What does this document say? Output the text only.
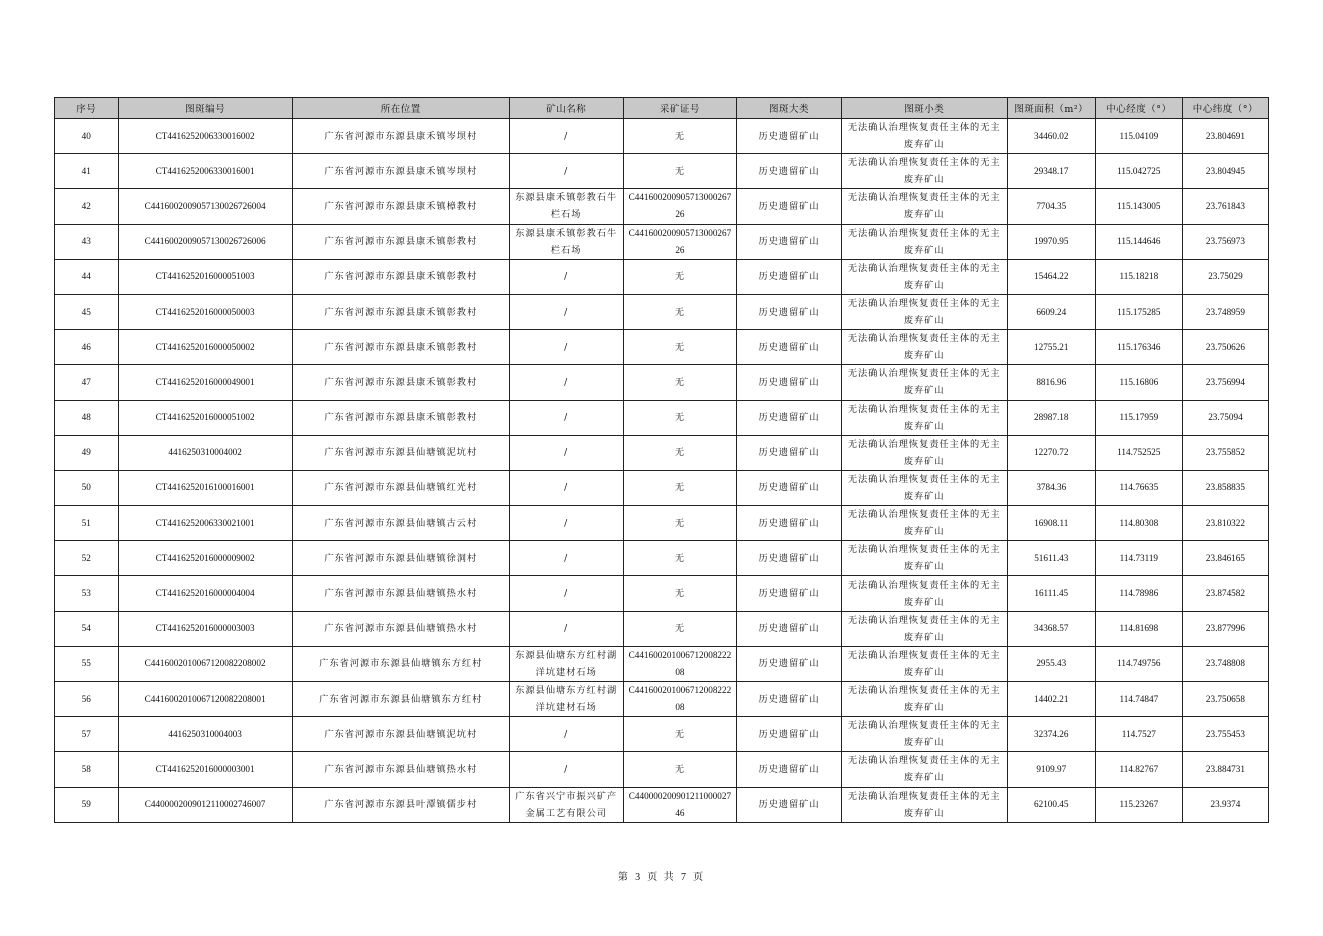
序号	图斑编号	所在位置	矿山名称	采矿证号	图斑大类	图斑小类	图斑面积（m²）	中心经度（°）	中心纬度（°）
40	CT4416252006330016002	广东省河源市东源县康禾镇岑坝村	/	无	历史遗留矿山	无法确认治理恢复责任主体的无主废弃矿山	34460.02	115.04109	23.804691
41	CT4416252006330016001	广东省河源市东源县康禾镇岑坝村	/	无	历史遗留矿山	无法确认治理恢复责任主体的无主废弃矿山	29348.17	115.042725	23.804945
42	C4416002009057130026726004	广东省河源市东源县康禾镇樟教村	东源县康禾镇彰教石牛栏石场	C44160020090571300026726	历史遗留矿山	无法确认治理恢复责任主体的无主废弃矿山	7704.35	115.143005	23.761843
43	C4416002009057130026726006	广东省河源市东源县康禾镇彰教村	东源县康禾镇彰教石牛栏石场	C44160020090571300026726	历史遗留矿山	无法确认治理恢复责任主体的无主废弃矿山	19970.95	115.144646	23.756973
44	CT4416252016000051003	广东省河源市东源县康禾镇彰教村	/	无	历史遗留矿山	无法确认治理恢复责任主体的无主废弃矿山	15464.22	115.18218	23.75029
45	CT4416252016000050003	广东省河源市东源县康禾镇彰教村	/	无	历史遗留矿山	无法确认治理恢复责任主体的无主废弃矿山	6609.24	115.175285	23.748959
46	CT4416252016000050002	广东省河源市东源县康禾镇彰教村	/	无	历史遗留矿山	无法确认治理恢复责任主体的无主废弃矿山	12755.21	115.176346	23.750626
47	CT4416252016000049001	广东省河源市东源县康禾镇彰教村	/	无	历史遗留矿山	无法确认治理恢复责任主体的无主废弃矿山	8816.96	115.16806	23.756994
48	CT4416252016000051002	广东省河源市东源县康禾镇彰教村	/	无	历史遗留矿山	无法确认治理恢复责任主体的无主废弃矿山	28987.18	115.17959	23.75094
49	4416250310004002	广东省河源市东源县仙塘镇泥坑村	/	无	历史遗留矿山	无法确认治理恢复责任主体的无主废弃矿山	12270.72	114.752525	23.755852
50	CT4416252016100016001	广东省河源市东源县仙塘镇红光村	/	无	历史遗留矿山	无法确认治理恢复责任主体的无主废弃矿山	3784.36	114.76635	23.858835
51	CT4416252006330021001	广东省河源市东源县仙塘镇古云村	/	无	历史遗留矿山	无法确认治理恢复责任主体的无主废弃矿山	16908.11	114.80308	23.810322
52	CT4416252016000009002	广东省河源市东源县仙塘镇徐洞村	/	无	历史遗留矿山	无法确认治理恢复责任主体的无主废弃矿山	51611.43	114.73119	23.846165
53	CT4416252016000004004	广东省河源市东源县仙塘镇热水村	/	无	历史遗留矿山	无法确认治理恢复责任主体的无主废弃矿山	16111.45	114.78986	23.874582
54	CT4416252016000003003	广东省河源市东源县仙塘镇热水村	/	无	历史遗留矿山	无法确认治理恢复责任主体的无主废弃矿山	34368.57	114.81698	23.877996
55	C4416002010067120082208002	广东省河源市东源县仙塘镇东方红村	东源县仙塘东方红村湖洋坑建材石场	C44160020100671200822208	历史遗留矿山	无法确认治理恢复责任主体的无主废弃矿山	2955.43	114.749756	23.748808
56	C4416002010067120082208001	广东省河源市东源县仙塘镇东方红村	东源县仙塘东方红村湖洋坑建材石场	C44160020100671200822208	历史遗留矿山	无法确认治理恢复责任主体的无主废弃矿山	14402.21	114.74847	23.750658
57	4416250310004003	广东省河源市东源县仙塘镇泥坑村	/	无	历史遗留矿山	无法确认治理恢复责任主体的无主废弃矿山	32374.26	114.7527	23.755453
58	CT4416252016000003001	广东省河源市东源县仙塘镇热水村	/	无	历史遗留矿山	无法确认治理恢复责任主体的无主废弃矿山	9109.97	114.82767	23.884731
59	C4400002009012110002746007	广东省河源市东源县叶潭镇儒步村	广东省兴宁市振兴矿产金属工艺有限公司	C44000020090121100002746	历史遗留矿山	无法确认治理恢复责任主体的无主废弃矿山	62100.45	115.23267	23.9374
第 3 页 共 7 页
